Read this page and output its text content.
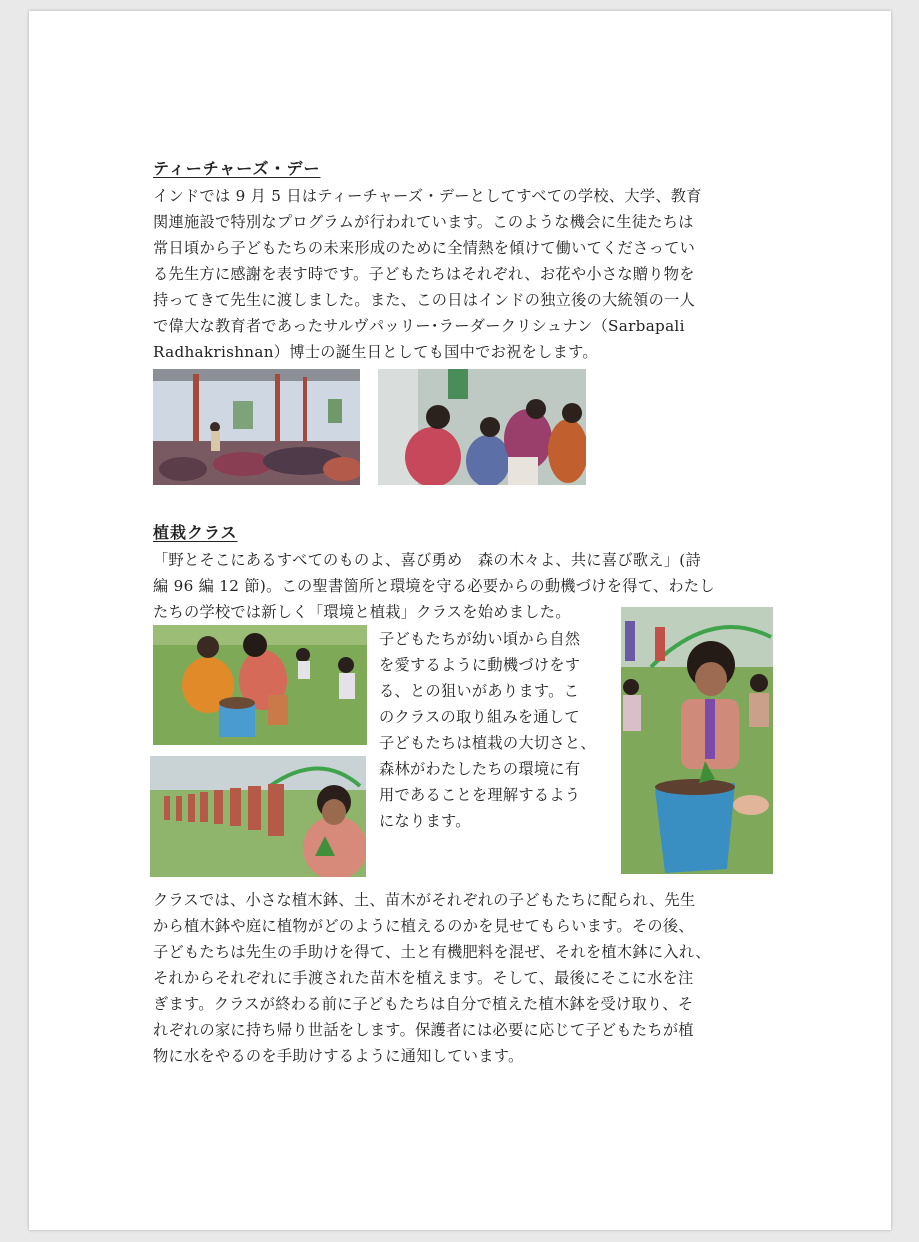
ティーチャーズ・デー
インドでは 9 月 5 日はティーチャーズ・デーとしてすべての学校、大学、教育
関連施設で特別なプログラムが行われています。このような機会に生徒たちは
常日頃から子どもたちの未来形成のために全情熱を傾けて働いてくださってい
る先生方に感謝を表す時です。子どもたちはそれぞれ、お花や小さな贈り物を
持ってきて先生に渡しました。また、この日はインドの独立後の大統領の一人
で偉大な教育者であったサルヴパッリー･ラーダークリシュナン（Sarbapali
Radhakrishnan）博士の誕生日としても国中でお祝をします。
植栽クラス
「野とそこにあるすべてのものよ、喜び勇め　森の木々よ、共に喜び歌え」(詩
編 96 編 12 節)。この聖書箇所と環境を守る必要からの動機づけを得て、わたし
たちの学校では新しく「環境と植栽」クラスを始めました。
子どもたちが幼い頃から自然
を愛するように動機づけをす
る、との狙いがあります。こ
のクラスの取り組みを通して
子どもたちは植栽の大切さと、
森林がわたしたちの環境に有
用であることを理解するよう
になります。
クラスでは、小さな植木鉢、土、苗木がそれぞれの子どもたちに配られ、先生
から植木鉢や庭に植物がどのように植えるのかを見せてもらいます。その後、
子どもたちは先生の手助けを得て、土と有機肥料を混ぜ、それを植木鉢に入れ、
それからそれぞれに手渡された苗木を植えます。そして、最後にそこに水を注
ぎます。クラスが終わる前に子どもたちは自分で植えた植木鉢を受け取り、そ
れぞれの家に持ち帰り世話をします。保護者には必要に応じて子どもたちが植
物に水をやるのを手助けするように通知しています。
